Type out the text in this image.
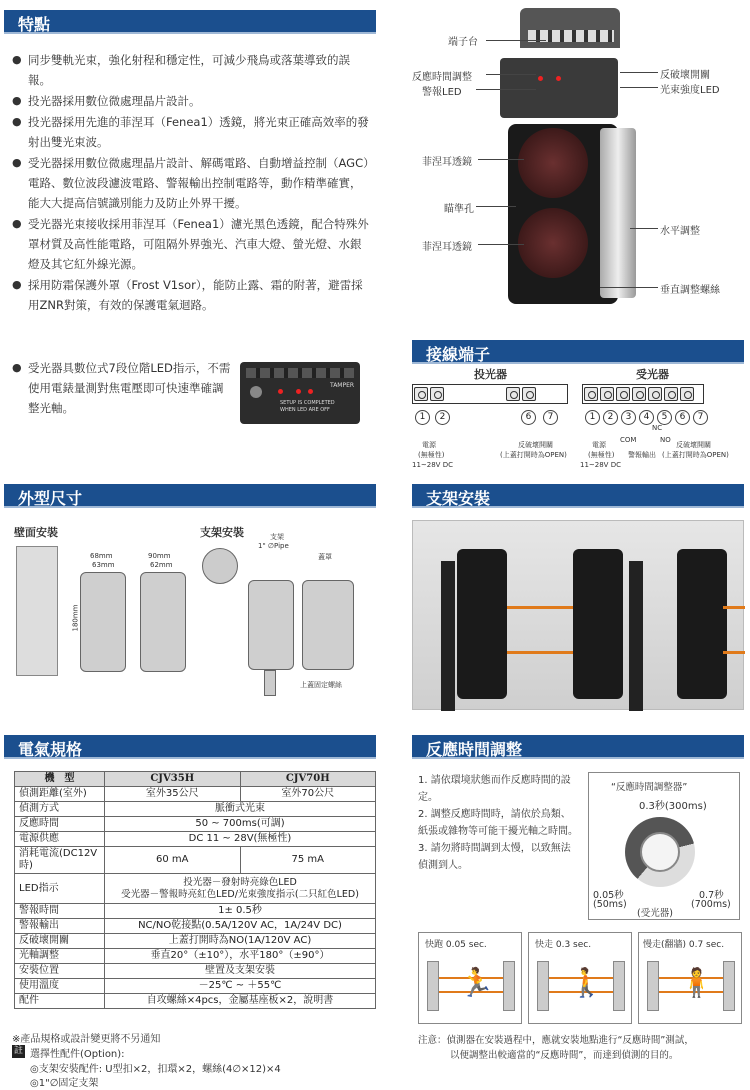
特點
● 同步雙軌光束，強化射程和穩定性，可減少飛鳥或落葉導致的誤報。
● 投光器採用數位微處理晶片設計。
● 投光器採用先進的菲涅耳（Fenea1）透鏡，將光束正確高效率的發射出雙光束波。
● 受光器採用數位微處理晶片設計、解碼電路、自動增益控制（AGC）電路、數位波段濾波電路、警報輸出控制電路等，動作精準確實，能大大提高信號識別能力及防止外界干擾。
● 受光器光束接收採用菲涅耳（Fenea1）濾光黑色透鏡，配合特殊外罩材質及高性能電路，可阻隔外界強光、汽車大燈、螢光燈、水銀燈及其它紅外線光源。
● 採用防霜保護外罩（Frost V1sor），能防止露、霜的附著，避雷採用ZNR對策，有效的保護電氣迴路。
● 受光器具數位式7段位階LED指示，不需使用電錶量測對焦電壓即可快速準確調整光軸。
TAMPER
SETUP IS COMPLETED
WHEN LED ARE OFF
端子台
反應時間調整
警報LED
菲涅耳透鏡
瞄準孔
菲涅耳透鏡
反破壞開關
光束強度LED
水平調整
垂直調整螺絲
接線端子
投光器	受光器
1	2	6	7	1	2	3	4	5	6	7
NC
COM	NO
電源
(無極性)
11~28V DC
反破壞開關
(上蓋打開時為OPEN)
電源
(無極性)
11~28V DC
警報輸出
反破壞開關
(上蓋打開時為OPEN)
外型尺寸
壁面安裝	支架安裝
68mm
63mm
90mm
62mm
180mm
支架
1" ∅Pipe
蓋罩
上蓋固定螺絲
支架安裝
電氣規格
機　型	CJV35H	CJV70H
偵測距離(室外)	室外35公尺	室外70公尺
偵測方式	脈衝式光束	
反應時間	50 ~ 700ms(可調)	
電源供應	DC 11 ~ 28V(無極性)	
消耗電流(DC12V時)	60 mA	75 mA
LED指示	投光器－發射時亮綠色LED
受光器－警報時亮紅色LED/光束強度指示(二只紅色LED)	
警報時間	1± 0.5秒	
警報輸出	NC/NO乾接點(0.5A/120V AC，1A/24V DC)	
反破壞開關	上蓋打開時為NO(1A/120V AC)	
光軸調整	垂直20°（±10°），水平180°（±90°）	
安裝位置	壁置及支架安裝	
使用溫度	－25℃ ~ ＋55℃	
配件	自攻螺絲×4pcs，金屬基座板×2，說明書	
※產品規格或設計變更將不另通知
註 選擇性配件(Option):
◎支架安裝配件: U型扣×2，扣環×2，螺絲(4∅×12)×4
◎1"∅固定支架
反應時間調整
1. 請依環境狀態而作反應時間的設定。
2. 調整反應時間時，請依於鳥類、紙張或雜物等可能干擾光軸之時間。
3. 請勿將時間調到太慢，以致無法偵測到人。
“反應時間調整器”
0.3秒(300ms)
0.05秒
(50ms)
0.7秒
(700ms)
(受光器)
快跑 0.05 sec.
🏃
快走 0.3 sec.
🚶
慢走(翻牆) 0.7 sec.
🧍
注意：偵測器在安裝過程中，應就安裝地點進行“反應時間”測試，
以便調整出較適當的“反應時間”，而達到偵測的目的。
